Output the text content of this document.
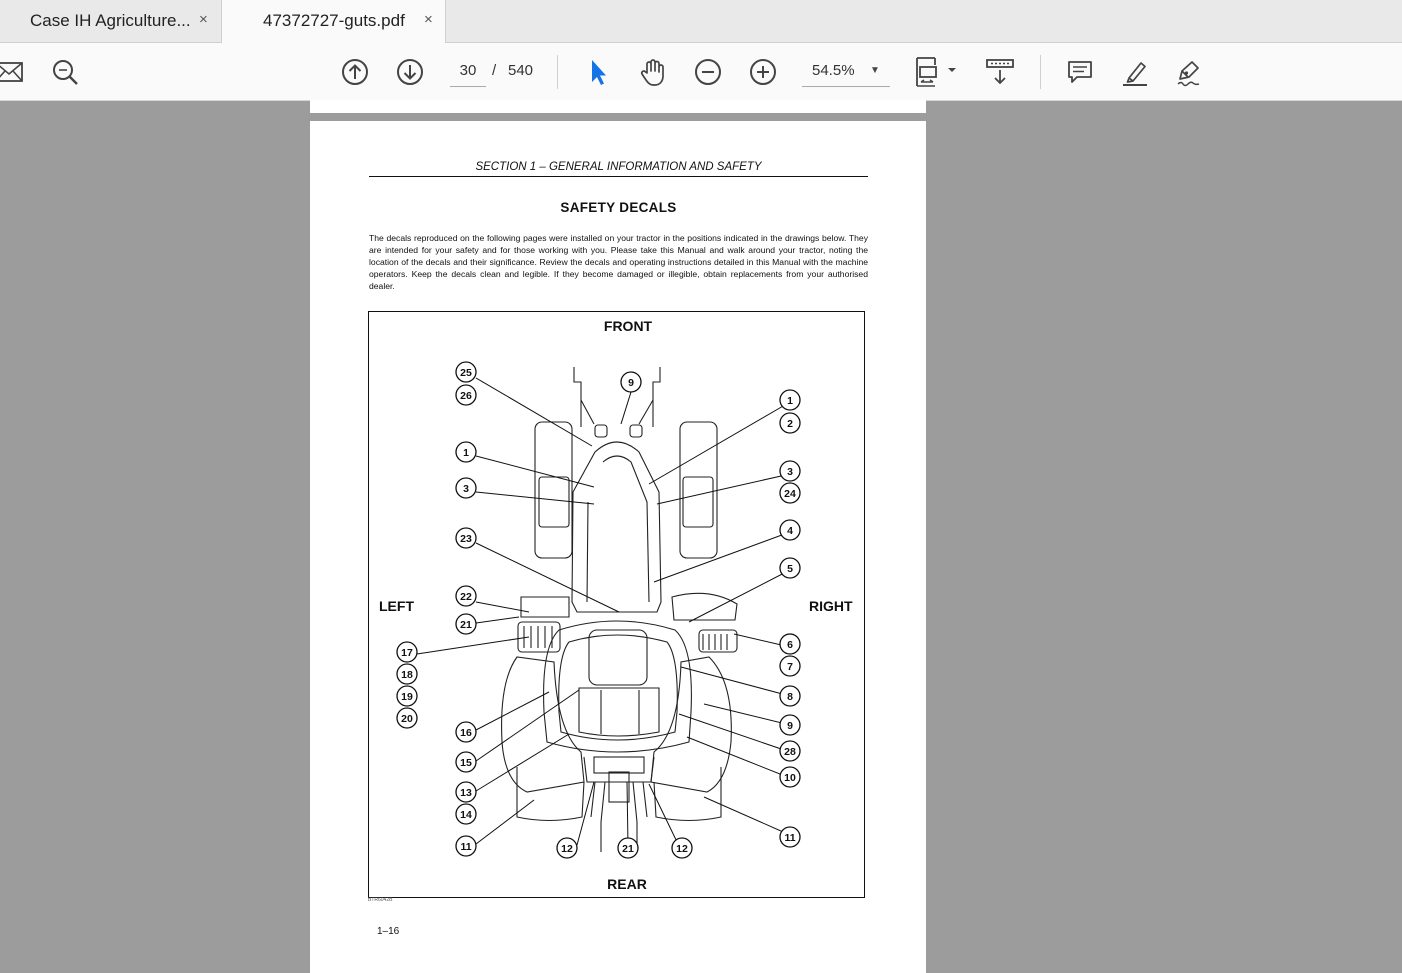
Case IH Agriculture... ×	47372727-guts.pdf ×
30	/ 540	54.5% ▼
SECTION 1 – GENERAL INFORMATION AND SAFETY
SAFETY DECALS
The decals reproduced on the following pages were installed on your tractor in the positions indicated in the drawings below. They are intended for your safety and for those working with you. Please take this Manual and walk around your tractor, noting the location of the decals and their significance. Review the decals and operating instructions detailed in this Manual with the machine operators. Keep the decals clean and legible. If they become damaged or illegible, obtain replacements from your authorised dealer.
FRONT
REAR
LEFT	RIGHT
25
26
1
3
23
22
21
17
18
19
20
16
15
13
14
11
9
1
2
3
24
4
5
6
7
8
9
28
10
11
12	21	12
BTR6042B
1–16
